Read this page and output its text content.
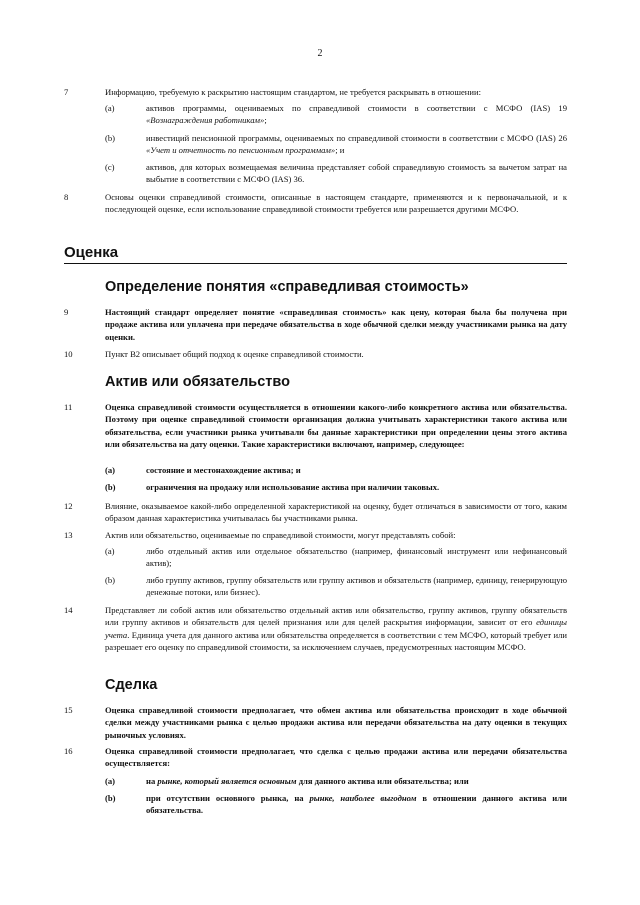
2
7	Информацию, требуемую к раскрытию настоящим стандартом, не требуется раскрывать в отношении:
(a)	активов программы, оцениваемых по справедливой стоимости в соответствии с МСФО (IAS) 19 «Вознаграждения работникам»;
(b)	инвестиций пенсионной программы, оцениваемых по справедливой стоимости в соответствии с МСФО (IAS) 26 «Учет и отчетность по пенсионным программам»; и
(c)	активов, для которых возмещаемая величина представляет собой справедливую стоимость за вычетом затрат на выбытие в соответствии с МСФО (IAS) 36.
8	Основы оценки справедливой стоимости, описанные в настоящем стандарте, применяются и к первоначальной, и к последующей оценке, если использование справедливой стоимости требуется или разрешается другими МСФО.
Оценка
Определение понятия «справедливая стоимость»
9	Настоящий стандарт определяет понятие «справедливая стоимость» как цену, которая была бы получена при продаже актива или уплачена при передаче обязательства в ходе обычной сделки между участниками рынка на дату оценки.
10	Пункт B2 описывает общий подход к оценке справедливой стоимости.
Актив или обязательство
11	Оценка справедливой стоимости осуществляется в отношении какого-либо конкретного актива или обязательства. Поэтому при оценке справедливой стоимости организация должна учитывать характеристики такого актива или обязательства, если участники рынка учитывали бы данные характеристики при определении цены этого актива или обязательства на дату оценки. Такие характеристики включают, например, следующее:
(a)	состояние и местонахождение актива; и
(b)	ограничения на продажу или использование актива при наличии таковых.
12	Влияние, оказываемое какой-либо определенной характеристикой на оценку, будет отличаться в зависимости от того, каким образом данная характеристика учитывалась бы участниками рынка.
13	Актив или обязательство, оцениваемые по справедливой стоимости, могут представлять собой:
(a)	либо отдельный актив или отдельное обязательство (например, финансовый инструмент или нефинансовый актив);
(b)	либо группу активов, группу обязательств или группу активов и обязательств (например, единицу, генерирующую денежные потоки, или бизнес).
14	Представляет ли собой актив или обязательство отдельный актив или обязательство, группу активов, группу обязательств или группу активов и обязательств для целей признания или для целей раскрытия информации, зависит от его единицы учета. Единица учета для данного актива или обязательства определяется в соответствии с тем МСФО, который требует или разрешает его оценку по справедливой стоимости, за исключением случаев, предусмотренных настоящим МСФО.
Сделка
15	Оценка справедливой стоимости предполагает, что обмен актива или обязательства происходит в ходе обычной сделки между участниками рынка с целью продажи актива или передачи обязательства на дату оценки в текущих рыночных условиях.
16	Оценка справедливой стоимости предполагает, что сделка с целью продажи актива или передачи обязательства осуществляется:
(a)	на рынке, который является основным для данного актива или обязательства; или
(b)	при отсутствии основного рынка, на рынке, наиболее выгодном в отношении данного актива или обязательства.
